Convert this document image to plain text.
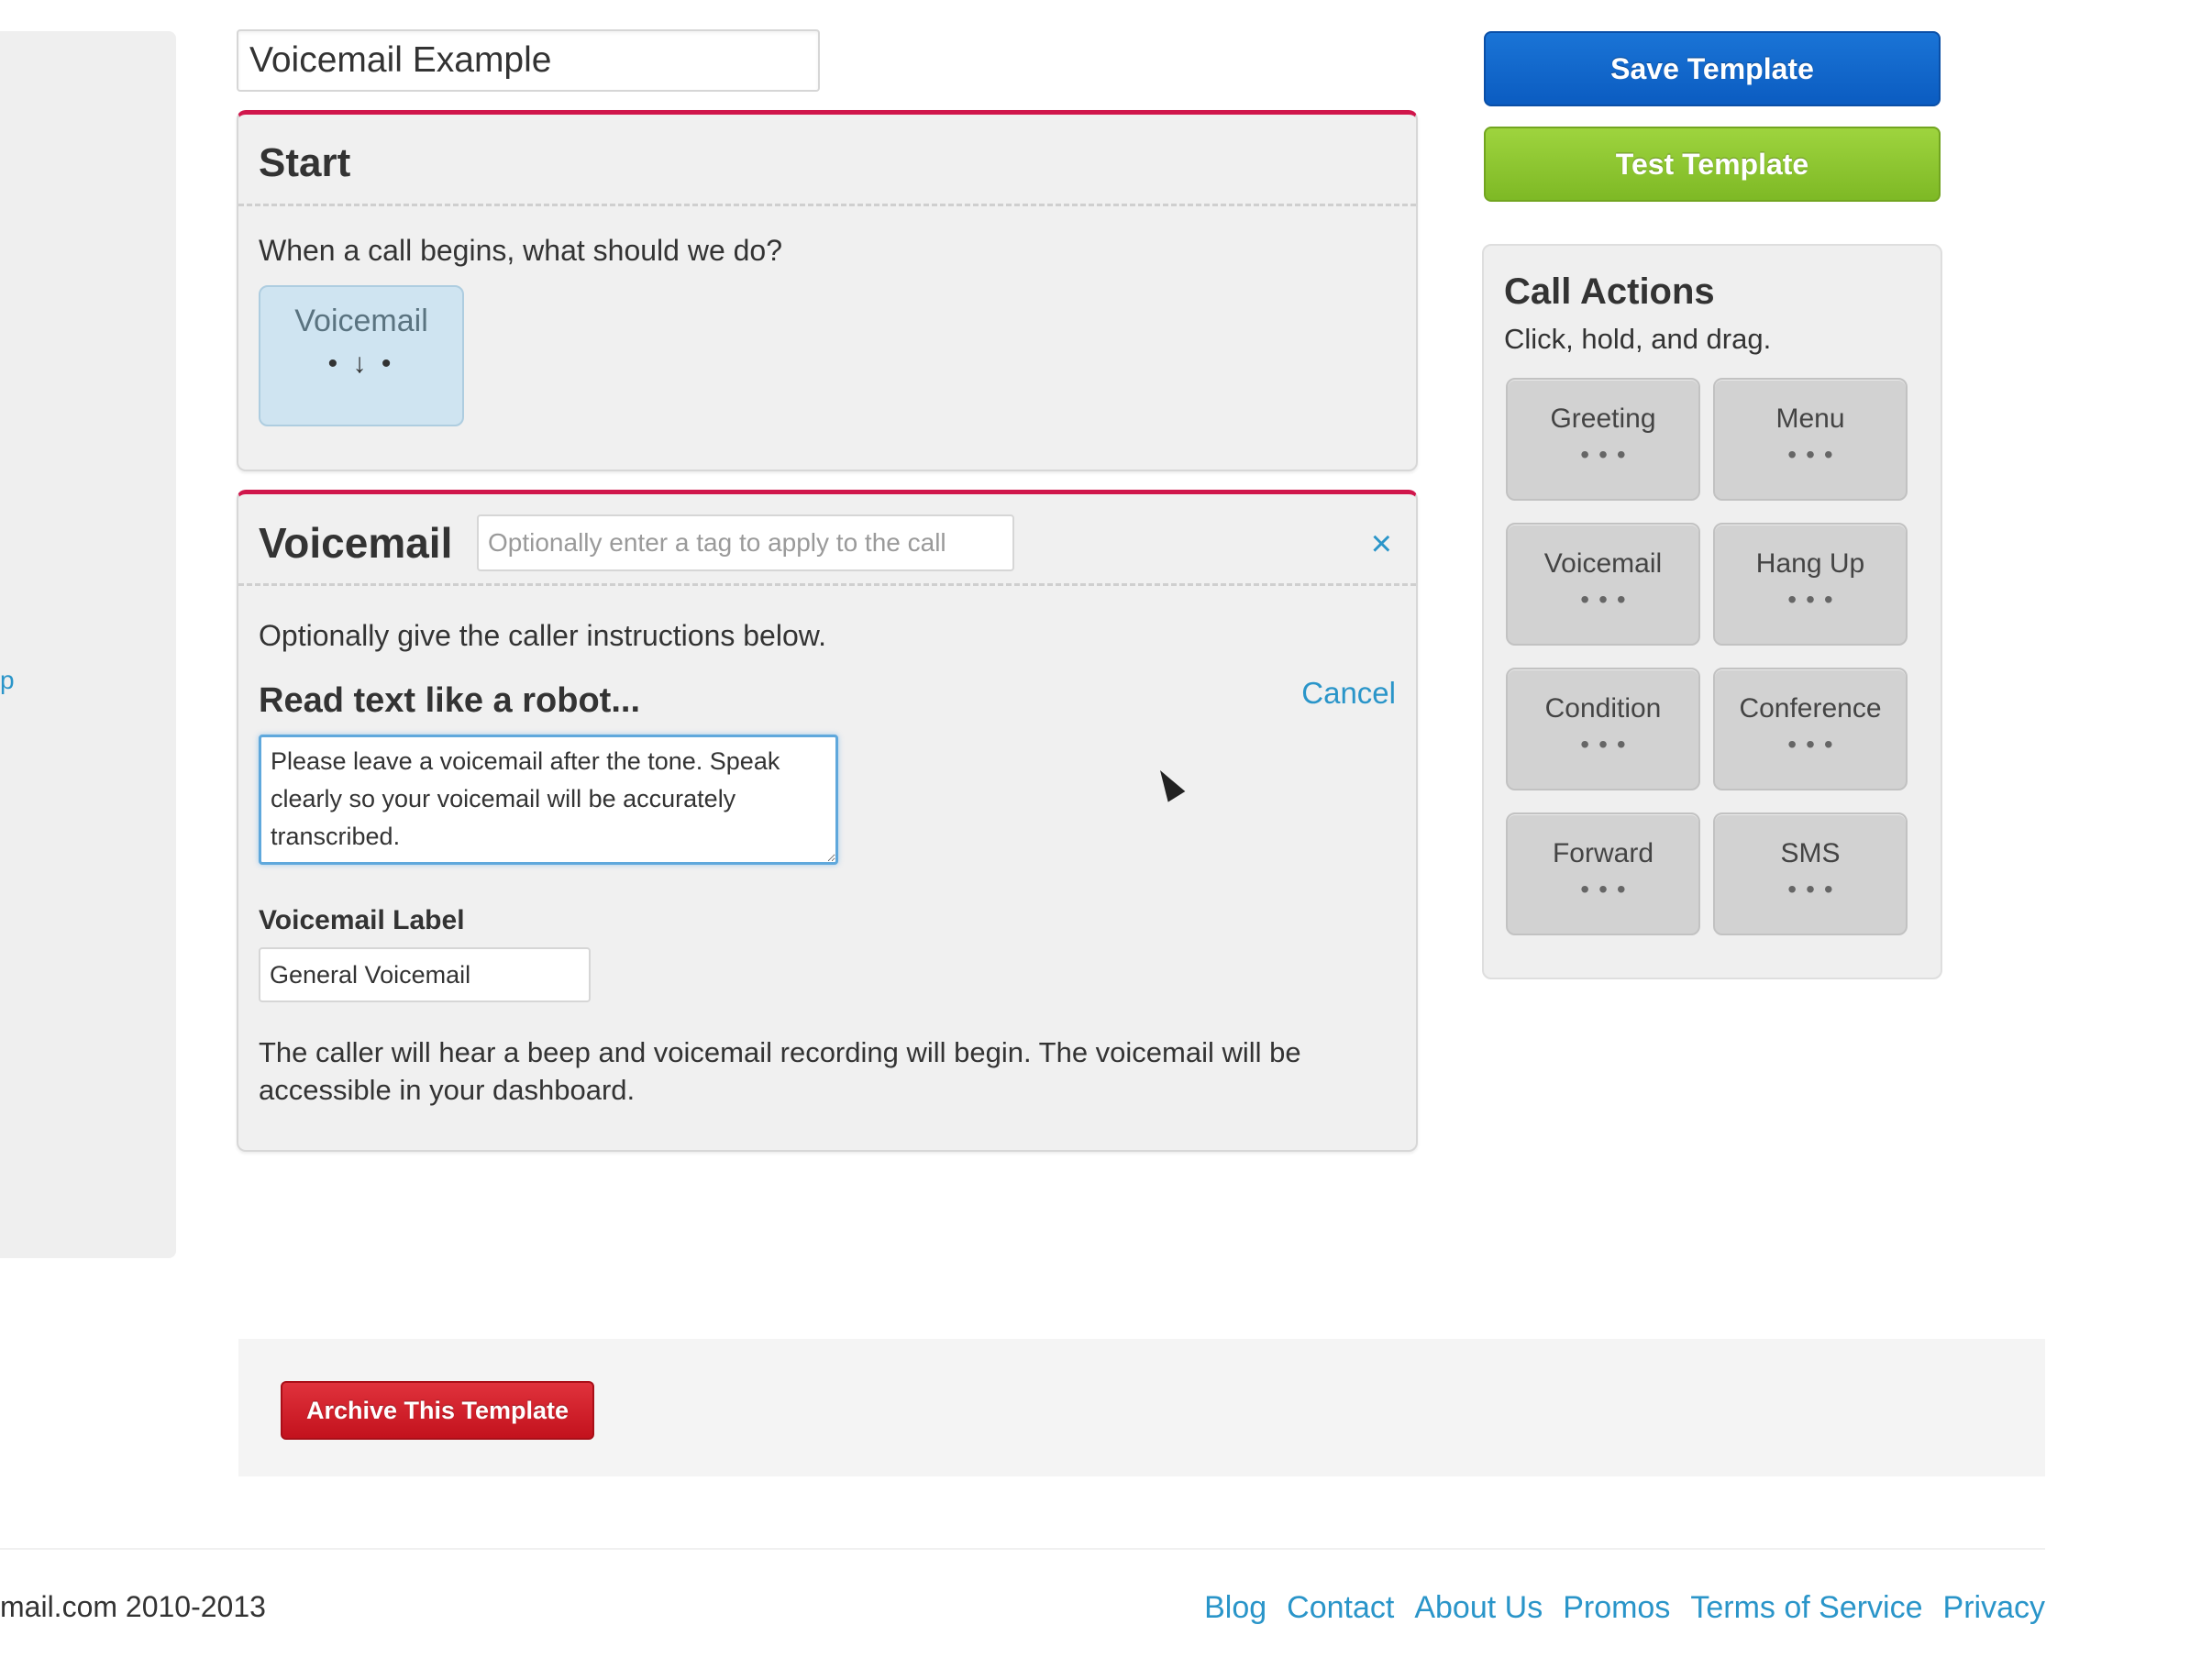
p
Voicemail Example
Start
When a call begins, what should we do?
Voicemail
• ↓ •
Voicemail
Optionally enter a tag to apply to the call	×
Optionally give the caller instructions below.
Read text like a robot...	Cancel
Please leave a voicemail after the tone. Speak clearly so your voicemail will be accurately transcribed.
Voicemail Label
General Voicemail

The caller will hear a beep and voicemail recording will begin. The voicemail will be accessible in your dashboard.

Save Template
Test Template
Call Actions
Click, hold, and drag.
Greeting
•••
Menu
•••
Voicemail
•••
Hang Up
•••
Condition
•••
Conference
•••
Forward
•••
SMS
•••
Archive This Template
mail.com 2010-2013	Blog Contact About Us Promos Terms of Service Privacy
